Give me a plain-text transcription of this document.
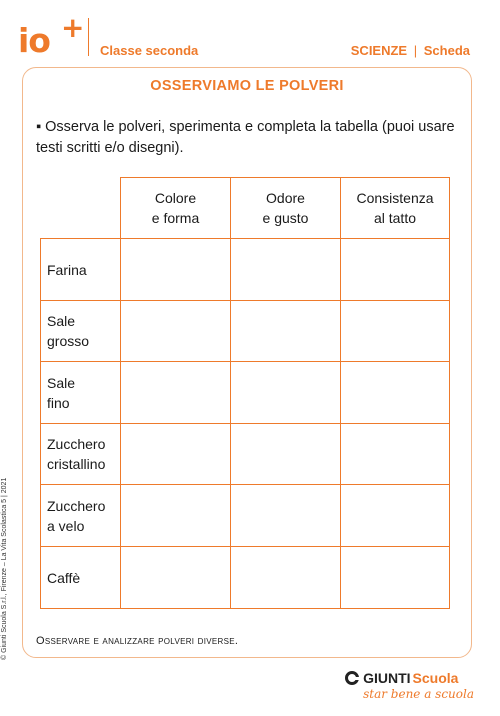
io +
Classe seconda	SCIENZE | Scheda
OSSERVIAMO LE POLVERI
▪ Osserva le polveri, sperimenta e completa la tabella (puoi usare testi scritti e/o disegni).
Colore
e forma
Odore
e gusto
Consistenza
al tatto
Farina
Sale
grosso
Sale
fino
Zucchero
cristallino
Zucchero
a velo
Caffè
Osservare e analizzare polveri diverse.
© Giunti Scuola S.r.l., Firenze – La Vita Scolastica 5 | 2021
GIUNTI Scuola
star bene a scuola
